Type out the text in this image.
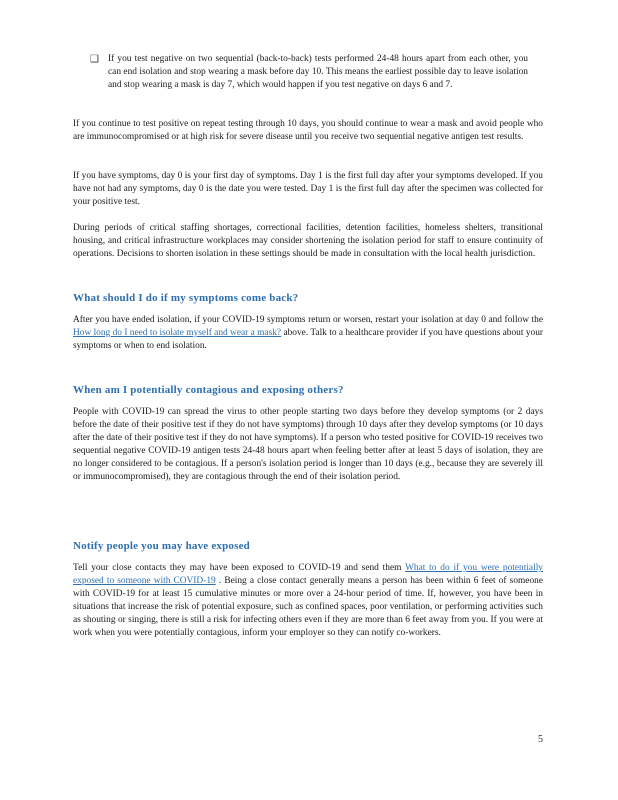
❑ If you test negative on two sequential (back-to-back) tests performed 24-48 hours apart from each other, you can end isolation and stop wearing a mask before day 10. This means the earliest possible day to leave isolation and stop wearing a mask is day 7, which would happen if you test negative on days 6 and 7.

If you continue to test positive on repeat testing through 10 days, you should continue to wear a mask and avoid people who are immunocompromised or at high risk for severe disease until you receive two sequential negative antigen test results.

If you have symptoms, day 0 is your first day of symptoms. Day 1 is the first full day after your symptoms developed. If you have not had any symptoms, day 0 is the date you were tested. Day 1 is the first full day after the specimen was collected for your positive test.

During periods of critical staffing shortages, correctional facilities, detention facilities, homeless shelters, transitional housing, and critical infrastructure workplaces may consider shortening the isolation period for staff to ensure continuity of operations. Decisions to shorten isolation in these settings should be made in consultation with the local health jurisdiction.

What should I do if my symptoms come back?

After you have ended isolation, if your COVID-19 symptoms return or worsen, restart your isolation at day 0 and follow the How long do I need to isolate myself and wear a mask? above. Talk to a healthcare provider if you have questions about your symptoms or when to end isolation.

When am I potentially contagious and exposing others?

People with COVID-19 can spread the virus to other people starting two days before they develop symptoms (or 2 days before the date of their positive test if they do not have symptoms) through 10 days after they develop symptoms (or 10 days after the date of their positive test if they do not have symptoms). If a person who tested positive for COVID-19 receives two sequential negative COVID-19 antigen tests 24-48 hours apart when feeling better after at least 5 days of isolation, they are no longer considered to be contagious. If a person's isolation period is longer than 10 days (e.g., because they are severely ill or immunocompromised), they are contagious through the end of their isolation period.

Notify people you may have exposed

Tell your close contacts they may have been exposed to COVID-19 and send them What to do if you were potentially exposed to someone with COVID-19 . Being a close contact generally means a person has been within 6 feet of someone with COVID-19 for at least 15 cumulative minutes or more over a 24-hour period of time. If, however, you have been in situations that increase the risk of potential exposure, such as confined spaces, poor ventilation, or performing activities such as shouting or singing, there is still a risk for infecting others even if they are more than 6 feet away from you. If you were at work when you were potentially contagious, inform your employer so they can notify co-workers.

5
